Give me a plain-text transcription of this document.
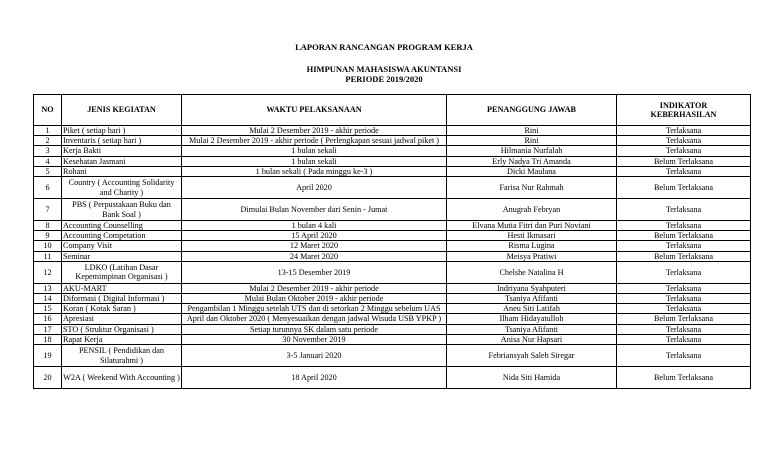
LAPORAN RANCANGAN PROGRAM KERJA
HIMPUNAN MAHASISWA AKUNTANSI
PERIODE 2019/2020
NO	JENIS KEGIATAN	WAKTU PELAKSANAAN	PENANGGUNG JAWAB	INDIKATOR
KEBERHASILAN
1	Piket ( setiap hari )	Mulai 2 Desember 2019 - akhir periode	Rini	Terlaksana
2	Inventaris ( setiap hari )	Mulai 2 Desember 2019 - akhir periode ( Perlengkapan sesuai jadwal piket )	Rini	Terlaksana
3	Kerja Bakti	1 bulan sekali	Hilmania Nurfalah	Terlaksana
4	Kesehatan Jasmani	1 bulan sekali	Erly Nadya Tri Amanda	Belum Terlaksana
5	Rohani	1 bulan sekali ( Pada minggu ke-3 )	Dicki Maulana	Terlaksana
6	Country ( Accounting Solidarity and Charity )	April 2020	Farisa Nur Rahmah	Belum Terlaksana
7	PBS ( Perpustakaan Buku dan Bank Soal )	Dimulai Bulan November dari Senin - Jumat	Anugrah Febryan	Terlaksana
8	Accounting Counselling	1 bulan 4 kali	Elvana Mutia Fitri dan Puri Noviani	Terlaksana
9	Accounting Competation	15 April 2020	Hesti Ikmasari	Belum Terlaksana
10	Company Visit	12 Maret 2020	Risma Lugina	Terlaksana
11	Seminar	24 Maret 2020	Meisya Pratiwi	Belum Terlaksana
12	LDKO (Latihan Dasar Kepemimpinan Organisasi )	13-15 Desember 2019	Chelshe Natalina H	Terlaksana
13	AKU-MART	Mulai 2 Desember 2019 - akhir periode	Indriyana Syahputeri	Terlaksana
14	Diformasi ( Digital Informasi )	Mulai Bulan Oktober 2019 - akhir periode	Tsaniya Afifanti	Terlaksana
15	Koran ( Kotak Saran )	Pengambilan 1 Minggu setelah UTS dan di setorkan 2 Minggu sebelum UAS	Aneu Siti Latifah	Terlaksana
16	Apresiasi	April dan Oktober 2020 ( Menyesuaikan dengan jadwal Wisuda USB YPKP )	Ilham Hidayatulloh	Belum Terlaksana
17	STO ( Struktur Organisasi )	Setiap turunnya SK dalam satu periode	Tsaniya Afifanti	Terlaksana
18	Rapat Kerja	30 November 2019	Anisa Nur Hapsari	Terlaksana
19	PENSIL ( Pendidikan dan Silaturahmi )	3-5 Januari 2020	Febriansyah Saleh Siregar	Terlaksana
20	W2A ( Weekend With Accounting )	18 April 2020	Nida Siti Hamida	Belum Terlaksana
